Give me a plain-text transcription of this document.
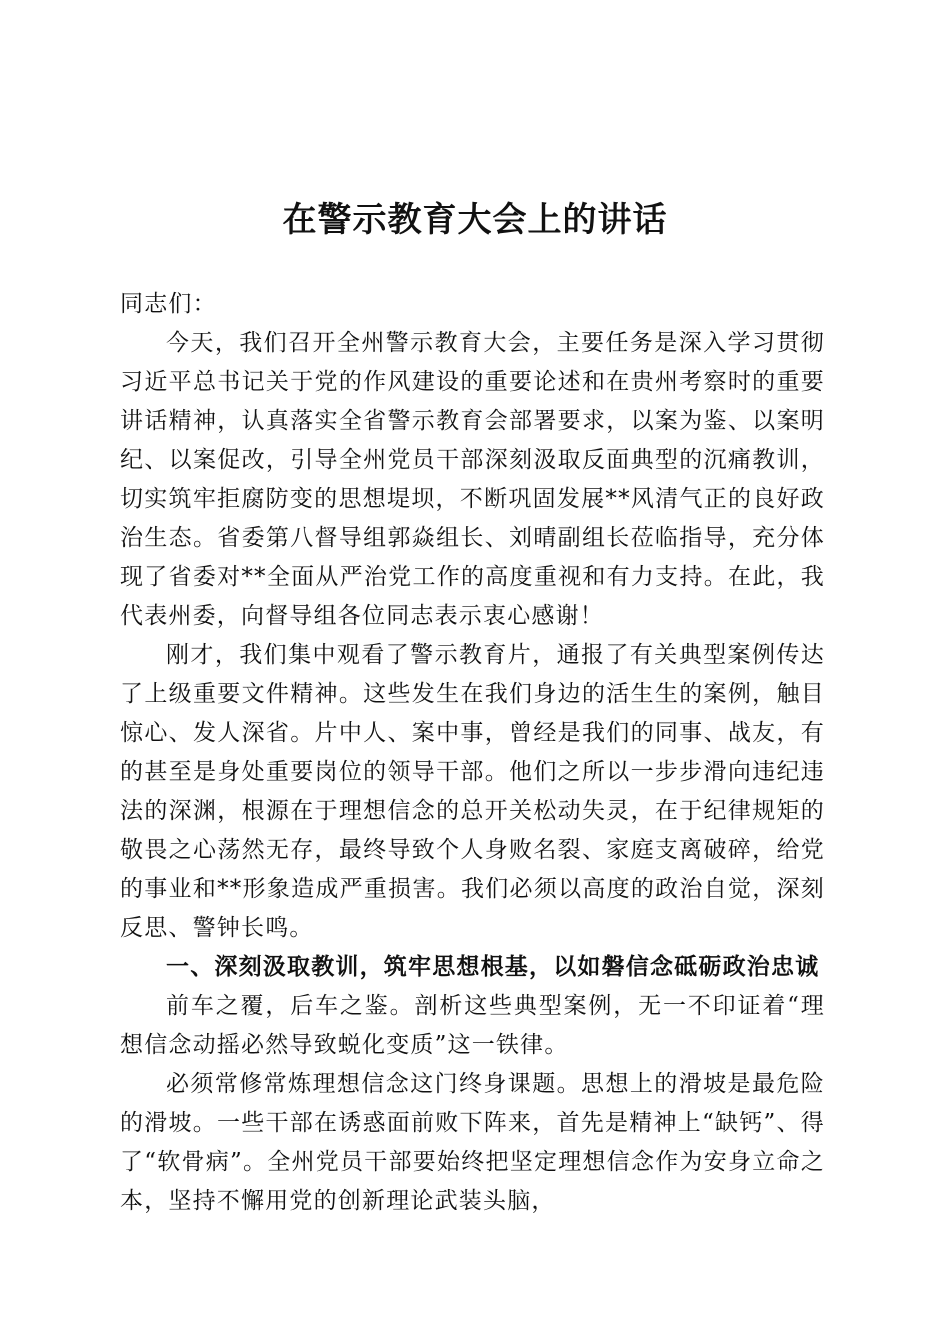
在警示教育大会上的讲话

同志们：

今天，我们召开全州警示教育大会，主要任务是深入学习贯彻习近平总书记关于党的作风建设的重要论述和在贵州考察时的重要讲话精神，认真落实全省警示教育会部署要求，以案为鉴、以案明纪、以案促改，引导全州党员干部深刻汲取反面典型的沉痛教训，切实筑牢拒腐防变的思想堤坝，不断巩固发展**风清气正的良好政治生态。省委第八督导组郭焱组长、刘晴副组长莅临指导，充分体现了省委对**全面从严治党工作的高度重视和有力支持。在此，我代表州委，向督导组各位同志表示衷心感谢！

刚才，我们集中观看了警示教育片，通报了有关典型案例传达了上级重要文件精神。这些发生在我们身边的活生生的案例，触目惊心、发人深省。片中人、案中事，曾经是我们的同事、战友，有的甚至是身处重要岗位的领导干部。他们之所以一步步滑向违纪违法的深渊，根源在于理想信念的总开关松动失灵，在于纪律规矩的敬畏之心荡然无存，最终导致个人身败名裂、家庭支离破碎，给党的事业和**形象造成严重损害。我们必须以高度的政治自觉，深刻反思、警钟长鸣。

一、深刻汲取教训，筑牢思想根基，以如磐信念砥砺政治忠诚

前车之覆，后车之鉴。剖析这些典型案例，无一不印证着“理想信念动摇必然导致蜕化变质”这一铁律。

必须常修常炼理想信念这门终身课题。思想上的滑坡是最危险的滑坡。一些干部在诱惑面前败下阵来，首先是精神上“缺钙”、得了“软骨病”。全州党员干部要始终把坚定理想信念作为安身立命之本，坚持不懈用党的创新理论武装头脑，
